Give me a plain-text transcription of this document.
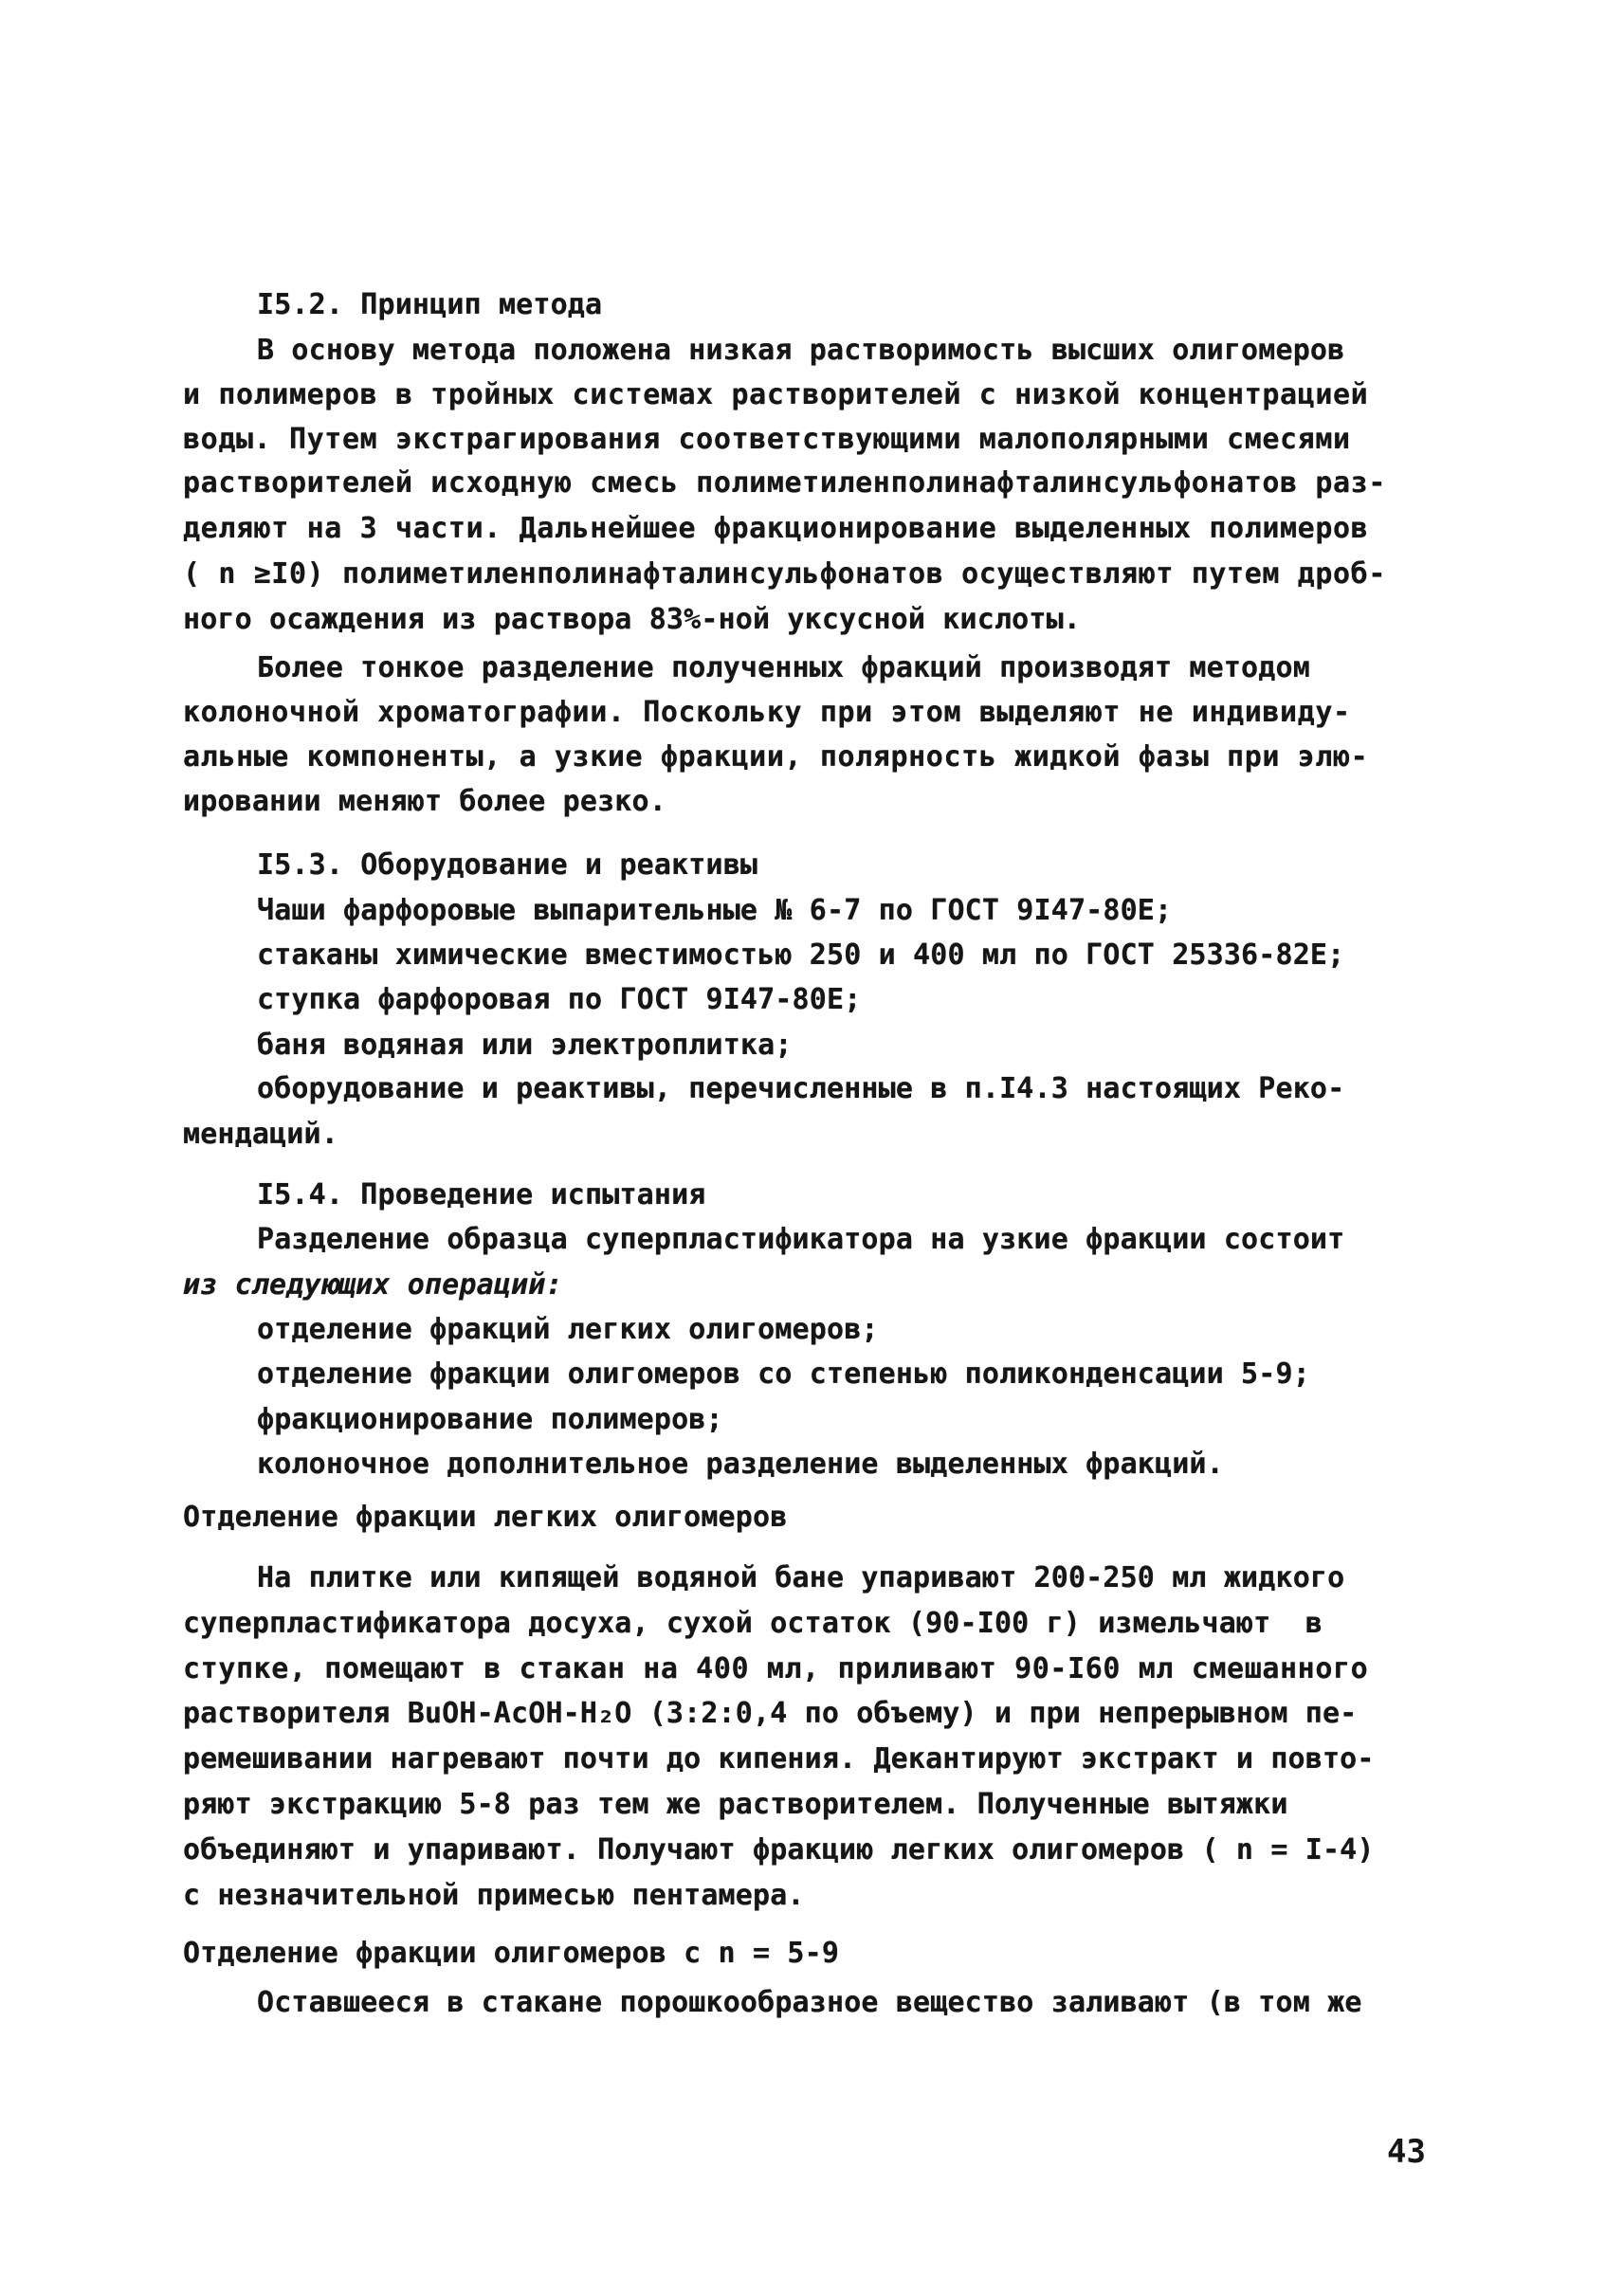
I5.2. Принцип метода
В основу метода положена низкая растворимость высших олигомеров
и полимеров в тройных системах растворителей с низкой концентрацией
воды. Путем экстрагирования соответствующими малополярными смесями
растворителей исходную смесь полиметиленполинафталинсульфонатов раз-
деляют на 3 части. Дальнейшее фракционирование выделенных полимеров
( n ≥I0) полиметиленполинафталинсульфонатов осуществляют путем дроб-
ного осаждения из раствора 83%-ной уксусной кислоты.
Более тонкое разделение полученных фракций производят методом
колоночной хроматографии. Поскольку при этом выделяют не индивиду-
альные компоненты, а узкие фракции, полярность жидкой фазы при элю-
ировании меняют более резко.
I5.3. Оборудование и реактивы
Чаши фарфоровые выпарительные № 6-7 по ГОСТ 9I47-80Е;
стаканы химические вместимостью 250 и 400 мл по ГОСТ 25336-82Е;
ступка фарфоровая по ГОСТ 9I47-80Е;
баня водяная или электроплитка;
оборудование и реактивы, перечисленные в п.I4.3 настоящих Реко-
мендаций.
I5.4. Проведение испытания
Разделение образца суперпластификатора на узкие фракции состоит
из следующих операций:
отделение фракций легких олигомеров;
отделение фракции олигомеров со степенью поликонденсации 5-9;
фракционирование полимеров;
колоночное дополнительное разделение выделенных фракций.
Отделение фракции легких олигомеров
На плитке или кипящей водяной бане упаривают 200-250 мл жидкого
суперпластификатора досуха, сухой остаток (90-I00 г) измельчают  в
ступке, помещают в стакан на 400 мл, приливают 90-I60 мл смешанного
растворителя BuOH-AcOH-H₂O (3:2:0,4 по объему) и при непрерывном пе-
ремешивании нагревают почти до кипения. Декантируют экстракт и повто-
ряют экстракцию 5-8 раз тем же растворителем. Полученные вытяжки
объединяют и упаривают. Получают фракцию легких олигомеров ( n = I-4)
с незначительной примесью пентамера.
Отделение фракции олигомеров с n = 5-9
Оставшееся в стакане порошкообразное вещество заливают (в том же
43
